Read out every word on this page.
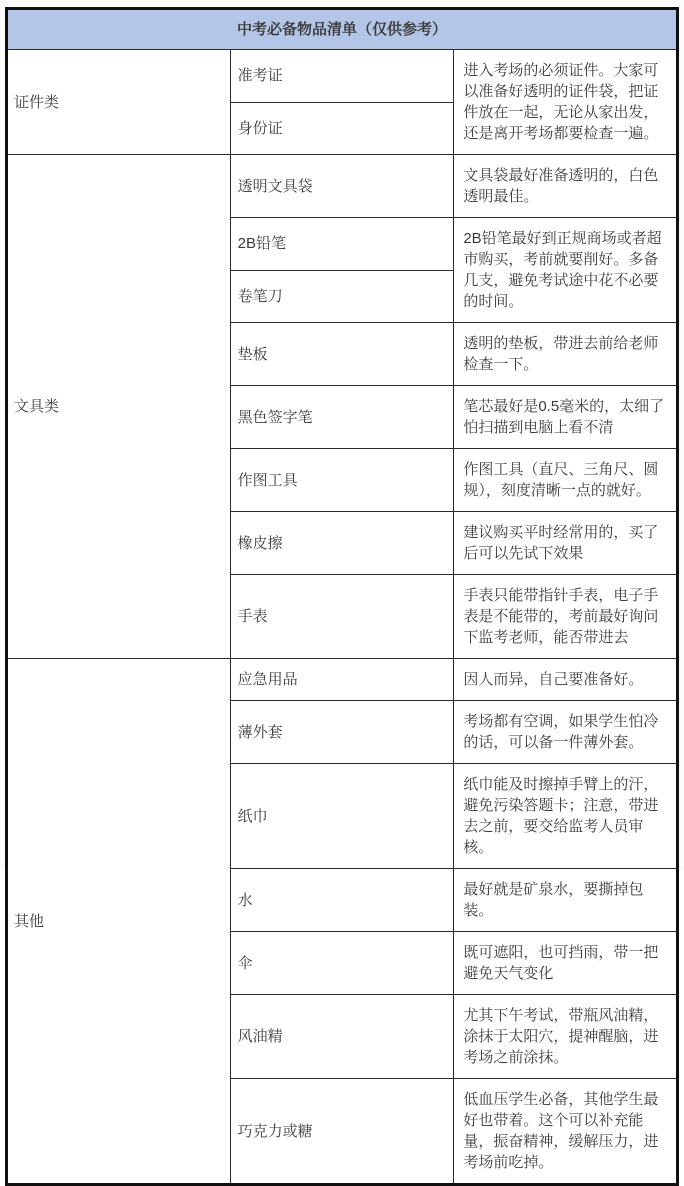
中考必备物品清单（仅供参考）		
证件类	准考证	进入考场的必须证件。大家可以准备好透明的证件袋，把证件放在一起，无论从家出发，还是离开考场都要检查一遍。
	身份证	
文具类	透明文具袋	文具袋最好准备透明的，白色透明最佳。
	2B铅笔	2B铅笔最好到正规商场或者超市购买，考前就要削好。多备几支，避免考试途中花不必要的时间。
	卷笔刀	
	垫板	透明的垫板，带进去前给老师检查一下。
	黑色签字笔	笔芯最好是0.5毫米的，太细了怕扫描到电脑上看不清
	作图工具	作图工具（直尺、三角尺、圆规），刻度清晰一点的就好。
	橡皮擦	建议购买平时经常用的，买了后可以先试下效果
	手表	手表只能带指针手表，电子手表是不能带的，考前最好询问下监考老师，能否带进去
其他	应急用品	因人而异，自己要准备好。
	薄外套	考场都有空调，如果学生怕冷的话，可以备一件薄外套。
	纸巾	纸巾能及时擦掉手臂上的汗，避免污染答题卡；注意，带进去之前，要交给监考人员审核。
	水	最好就是矿泉水，要撕掉包装。
	伞	既可遮阳，也可挡雨，带一把避免天气变化
	风油精	尤其下午考试，带瓶风油精，涂抹于太阳穴，提神醒脑，进考场之前涂抹。
	巧克力或糖	低血压学生必备，其他学生最好也带着。这个可以补充能量，振奋精神，缓解压力，进考场前吃掉。
